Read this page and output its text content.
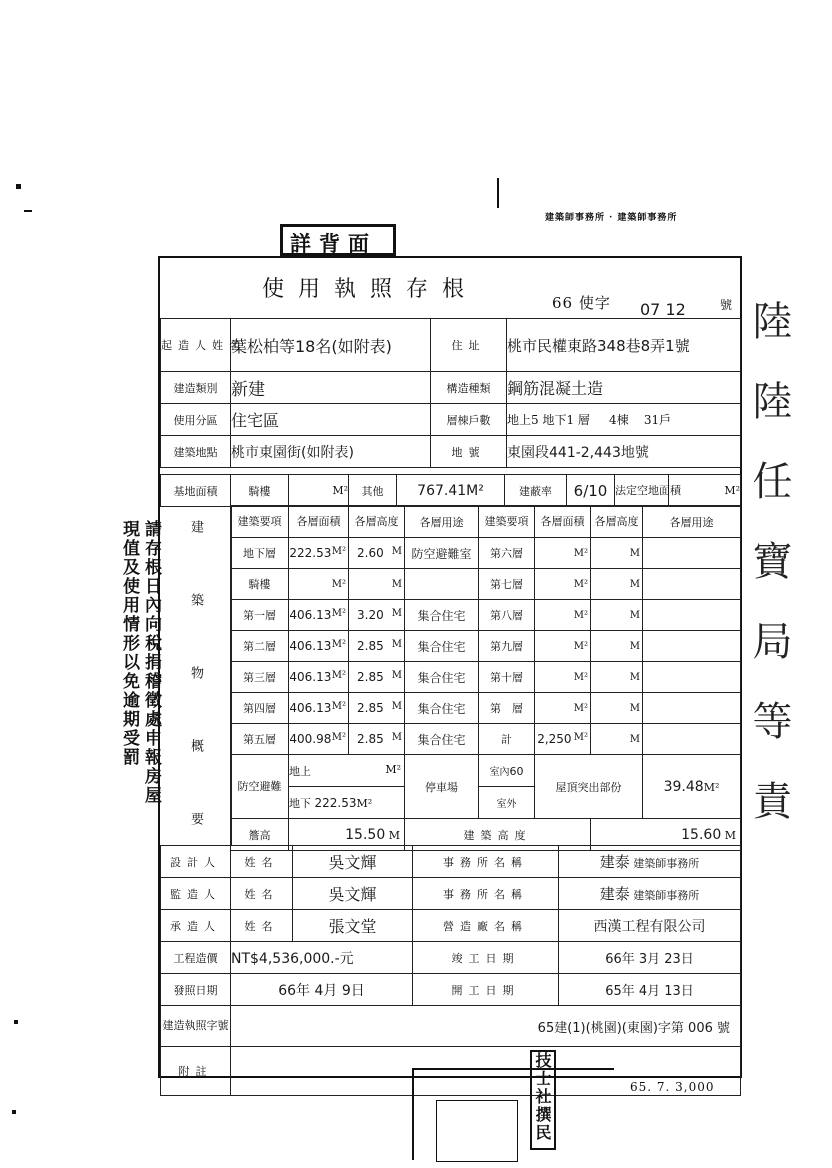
詳背面
建築師事務所 · 建築師事務所
使用執照存根
66 使字 07 12	號
起造人姓名	葉松柏等18名(如附表)	住址	桃市民權東路348巷8弄1號
建造類別	新建	構造種類	鋼筋混凝土造
使用分區	住宅區	層棟戶數	地上5 地下1 層 4棟 31戶
建築地點	桃市東園街(如附表)	地號	東園段441-2,443地號
基地面積	騎樓	M²	其他	767.41M²	建蔽率	6/10	法定空地面積	M²
建築物概要	建築要項	各層面積	各層高度	各層用途	建築要項	各層面積	各層高度	各層用途
地下層	222.53 M²	2.60 M	防空避難室	第六層	M²	M	

騎樓	M²	M		第七層	M²	M	

第一層	406.13 M²	3.20 M	集合住宅	第八層	M²	M	

第二層	406.13 M²	2.85 M	集合住宅	第九層	M²	M	

第三層	406.13 M²	2.85 M	集合住宅	第十層	M²	M	

第四層	406.13 M²	2.85 M	集合住宅	第　層	M²	M	

第五層	400.98 M²	2.85 M	集合住宅	計	2,250 M²	M	

防空避難	地上 M²		停車場	室內60	屋頂突出部份		39.48M²
	地下 222.53M²			室外			
簷高	15.50 M		建築高度			15.60 M	
設計人	姓名	吳文輝	事務所名稱	建泰 建築師事務所
監造人	姓名	吳文輝	事務所名稱	建泰 建築師事務所
承造人	姓名	張文堂	營造廠名稱	西漢工程有限公司
工程造價	NT$4,536,000.-元		竣工日期	66年 3月 23日
發照日期	66年 4月 9日		開工日期	65年 4月 13日
建造執照字號	65建(1)(桃園)(東園)字第 006 號			
附註				
請存根日內向稅捐稽徵處申報房屋現值及使用情形以免逾期受罰	陸陸任寶局等責
技士社撰民	65. 7. 3,000
